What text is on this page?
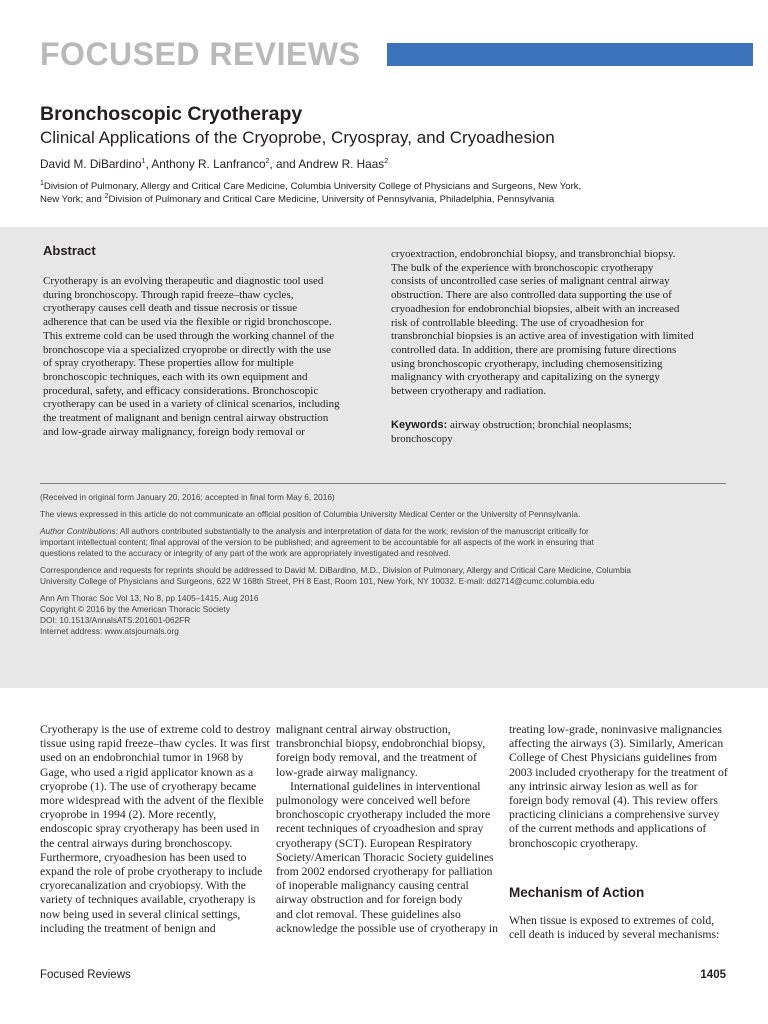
FOCUSED REVIEWS
Bronchoscopic Cryotherapy
Clinical Applications of the Cryoprobe, Cryospray, and Cryoadhesion
David M. DiBardino$^1$, Anthony R. Lanfranco$^2$, and Andrew R. Haas$^2$

$^1$Division of Pulmonary, Allergy and Critical Care Medicine, Columbia University College of Physicians and Surgeons, New York,

New York; and $^2$Division of Pulmonary and Critical Care Medicine, University of Pennsylvania, Philadelphia, Pennsylvania

Abstract

Cryotherapy is an evolving therapeutic and diagnostic tool used

during bronchoscopy. Through rapid freeze–thaw cycles,

cryotherapy causes cell death and tissue necrosis or tissue

adherence that can be used via the flexible or rigid bronchoscope.

This extreme cold can be used through the working channel of the

bronchoscope via a specialized cryoprobe or directly with the use

of spray cryotherapy. These properties allow for multiple

bronchoscopic techniques, each with its own equipment and

procedural, safety, and efficacy considerations. Bronchoscopic

cryotherapy can be used in a variety of clinical scenarios, including

the treatment of malignant and benign central airway obstruction

and low-grade airway malignancy, foreign body removal or

cryoextraction, endobronchial biopsy, and transbronchial biopsy.

The bulk of the experience with bronchoscopic cryotherapy

consists of uncontrolled case series of malignant central airway

obstruction. There are also controlled data supporting the use of

cryoadhesion for endobronchial biopsies, albeit with an increased

risk of controllable bleeding. The use of cryoadhesion for

transbronchial biopsies is an active area of investigation with limited

controlled data. In addition, there are promising future directions

using bronchoscopic cryotherapy, including chemosensitizing

malignancy with cryotherapy and capitalizing on the synergy

between cryotherapy and radiation.

Keywords: airway obstruction; bronchial neoplasms;

bronchoscopy

(Received in original form January 20, 2016; accepted in final form May 6, 2016)

The views expressed in this article do not communicate an official position of Columbia University Medical Center or the University of Pennsylvania.

Author Contributions: All authors contributed substantially to the analysis and interpretation of data for the work; revision of the manuscript critically for

important intellectual content; final approval of the version to be published; and agreement to be accountable for all aspects of the work in ensuring that

questions related to the accuracy or integrity of any part of the work are appropriately investigated and resolved.

Correspondence and requests for reprints should be addressed to David M. DiBardino, M.D., Division of Pulmonary, Allergy and Critical Care Medicine, Columbia

University College of Physicians and Surgeons, 622 W 168th Street, PH 8 East, Room 101, New York, NY 10032. E-mail: dd2714@cumc.columbia.edu

Ann Am Thorac Soc Vol 13, No 8, pp 1405–1415, Aug 2016

Copyright © 2016 by the American Thoracic Society

DOI: 10.1513/AnnalsATS.201601-062FR

Internet address: www.atsjournals.org

Cryotherapy is the use of extreme cold to destroy

tissue using rapid freeze–thaw cycles. It was first

used on an endobronchial tumor in 1968 by

Gage, who used a rigid applicator known as a

cryoprobe (1). The use of cryotherapy became

more widespread with the advent of the flexible

cryoprobe in 1994 (2). More recently,

endoscopic spray cryotherapy has been used in

the central airways during bronchoscopy.

Furthermore, cryoadhesion has been used to

expand the role of probe cryotherapy to include

cryorecanalization and cryobiopsy. With the

variety of techniques available, cryotherapy is

now being used in several clinical settings,

including the treatment of benign and

malignant central airway obstruction,

transbronchial biopsy, endobronchial biopsy,

foreign body removal, and the treatment of

low-grade airway malignancy.

International guidelines in interventional

pulmonology were conceived well before

bronchoscopic cryotherapy included the more

recent techniques of cryoadhesion and spray

cryotherapy (SCT). European Respiratory

Society/American Thoracic Society guidelines

from 2002 endorsed cryotherapy for palliation

of inoperable malignancy causing central

airway obstruction and for foreign body

and clot removal. These guidelines also

acknowledge the possible use of cryotherapy in

treating low-grade, noninvasive malignancies

affecting the airways (3). Similarly, American

College of Chest Physicians guidelines from

2003 included cryotherapy for the treatment of

any intrinsic airway lesion as well as for

foreign body removal (4). This review offers

practicing clinicians a comprehensive survey

of the current methods and applications of

bronchoscopic cryotherapy.

Mechanism of Action

When tissue is exposed to extremes of cold,

cell death is induced by several mechanisms:

Focused Reviews	1405
